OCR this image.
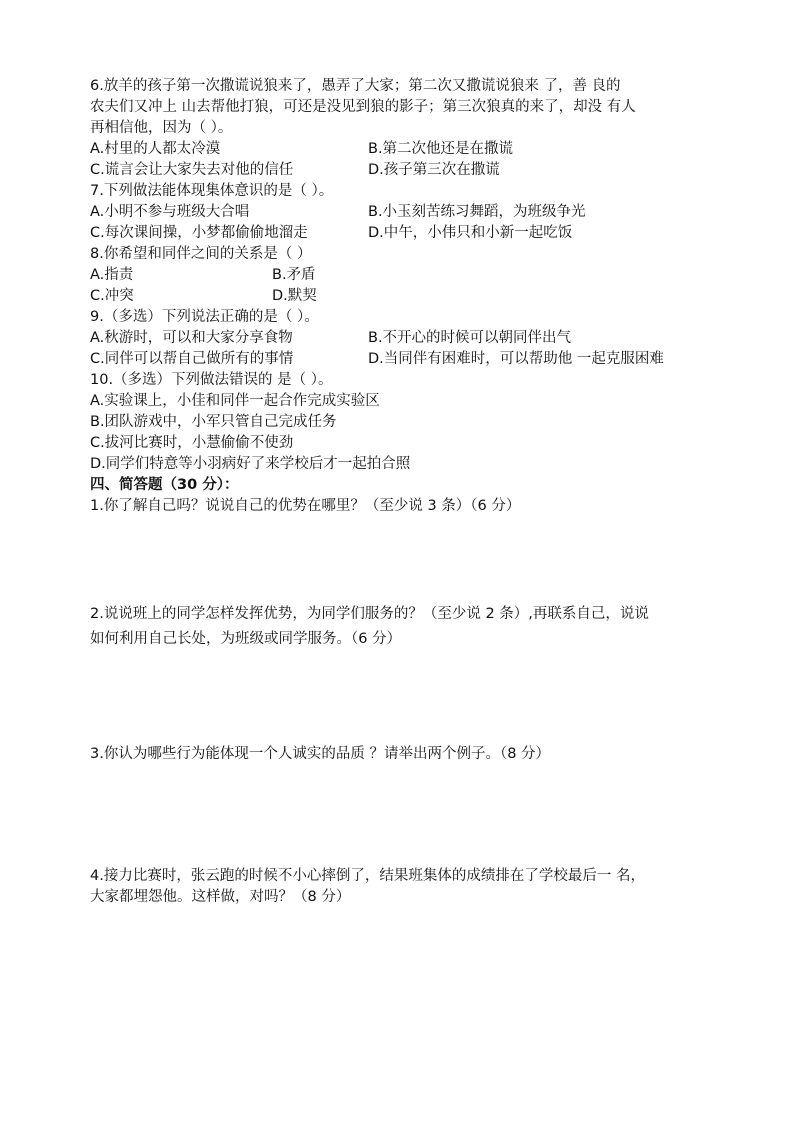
6.放羊的孩子第一次撒谎说狼来了，愚弄了大家；第二次又撒谎说狼来 了，善 良的
农夫们又冲上 山去帮他打狼，可还是没见到狼的影子；第三次狼真的来了，却没 有人
再相信他，因为（ ）。
A.村里的人都太冷漠	B.第二次他还是在撒谎
C.谎言会让大家失去对他的信任	D.孩子第三次在撒谎
7.下列做法能体现集体意识的是（ ）。
A.小明不参与班级大合唱	B.小玉刻苦练习舞蹈，为班级争光
C.每次课间操，小梦都偷偷地溜走	D.中午，小伟只和小新一起吃饭
8.你希望和同伴之间的关系是（ ）
A.指责	B.矛盾
C.冲突	D.默契
9.（多选）下列说法正确的是（ ）。
A.秋游时，可以和大家分享食物	B.不开心的时候可以朝同伴出气
C.同伴可以帮自己做所有的事情	D.当同伴有困难时，可以帮助他 一起克服困难
10.（多选）下列做法错误的 是（ ）。
A.实验课上，小佳和同伴一起合作完成实验区
B.团队游戏中，小军只管自己完成任务
C.拔河比赛时，小慧偷偷不使劲
D.同学们特意等小羽病好了来学校后才一起拍合照
四、简答题（30 分）：
1.你了解自己吗？说说自己的优势在哪里？（至少说 3 条）（6 分）
2.说说班上的同学怎样发挥优势，为同学们服务的？（至少说 2 条）,再联系自己，说说
如何利用自己长处，为班级或同学服务。（6 分）
3.你认为哪些行为能体现一个人诚实的品质 ？请举出两个例子。（8 分）
4.接力比赛时，张云跑的时候不小心摔倒了，结果班集体的成绩排在了学校最后一 名，
大家都埋怨他。这样做，对吗？（8 分）
